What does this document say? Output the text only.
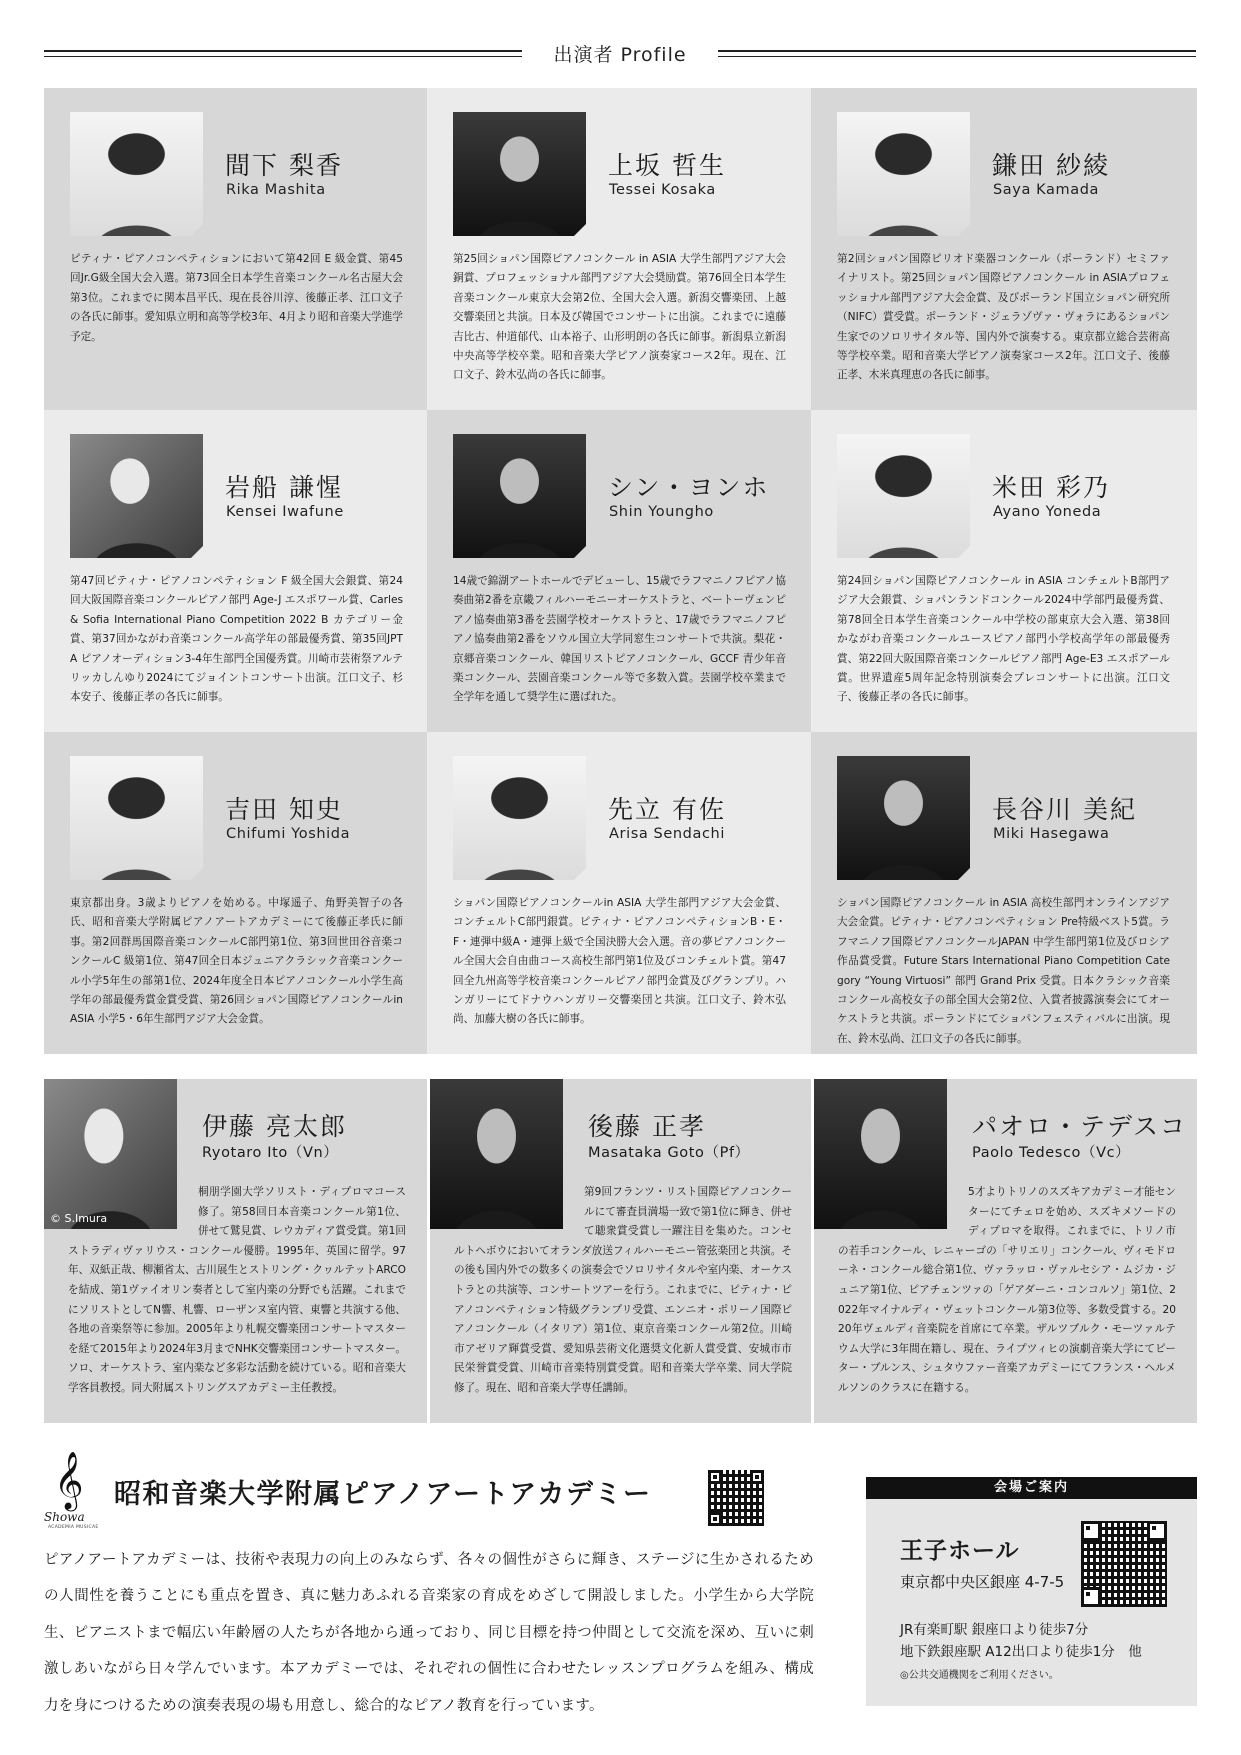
出演者 Profile
間下 梨香
Rika Mashita
ピティナ・ピアノコンペティションにおいて第42回 E 級金賞、第45回Jr.G級全国大会入選。第73回全日本学生音楽コンクール名古屋大会第3位。これまでに関本昌平氏、現在長谷川淳、後藤正孝、江口文子の各氏に師事。愛知県立明和高等学校3年、4月より昭和音楽大学進学予定。
上坂 哲生
Tessei Kosaka
第25回ショパン国際ピアノコンクール in ASIA 大学生部門アジア大会銅賞、プロフェッショナル部門アジア大会奨励賞。第76回全日本学生音楽コンクール東京大会第2位、全国大会入選。新潟交響楽団、上越交響楽団と共演。日本及び韓国でコンサートに出演。これまでに遠藤吉比古、仲道郁代、山本裕子、山形明朗の各氏に師事。新潟県立新潟中央高等学校卒業。昭和音楽大学ピアノ演奏家コース2年。現在、江口文子、鈴木弘尚の各氏に師事。
鎌田 紗綾
Saya Kamada
第2回ショパン国際ピリオド楽器コンクール（ポーランド）セミファイナリスト。第25回ショパン国際ピアノコンクール in ASIAプロフェッショナル部門アジア大会金賞、及びポーランド国立ショパン研究所（NIFC）賞受賞。ポーランド・ジェラゾヴァ・ヴォラにあるショパン生家でのソロリサイタル等、国内外で演奏する。東京都立総合芸術高等学校卒業。昭和音楽大学ピアノ演奏家コース2年。江口文子、後藤正孝、木米真理恵の各氏に師事。
岩船 謙惺
Kensei Iwafune
第47回ピティナ・ピアノコンペティション F 級全国大会銀賞、第24回大阪国際音楽コンクールピアノ部門 Age-J エスポワール賞、Carles & Sofia International Piano Competition 2022 B カテゴリー金賞、第37回かながわ音楽コンクール高学年の部最優秀賞、第35回JPTA ピアノオーディション3-4年生部門全国優秀賞。川崎市芸術祭アルテリッカしんゆり2024にてジョイントコンサート出演。江口文子、杉本安子、後藤正孝の各氏に師事。
シン・ヨンホ
Shin Youngho
14歳で錦湖アートホールでデビューし、15歳でラフマニノフピアノ協奏曲第2番を京畿フィルハーモニーオーケストラと、ベートーヴェンピアノ協奏曲第3番を芸園学校オーケストラと、17歳でラフマニノフピアノ協奏曲第2番をソウル国立大学同窓生コンサートで共演。梨花・京郷音楽コンクール、韓国リストピアノコンクール、GCCF 青少年音楽コンクール、芸園音楽コンクール等で多数入賞。芸園学校卒業まで全学年を通して奨学生に選ばれた。
米田 彩乃
Ayano Yoneda
第24回ショパン国際ピアノコンクール in ASIA コンチェルトB部門アジア大会銀賞、ショパンランドコンクール2024中学部門最優秀賞、第78回全日本学生音楽コンクール中学校の部東京大会入選、第38回かながわ音楽コンクールユースピアノ部門小学校高学年の部最優秀賞、第22回大阪国際音楽コンクールピアノ部門 Age-E3 エスポアール賞。世界遺産5周年記念特別演奏会プレコンサートに出演。江口文子、後藤正孝の各氏に師事。
吉田 知史
Chifumi Yoshida
東京都出身。3歳よりピアノを始める。中塚遥子、角野美智子の各氏、昭和音楽大学附属ピアノアートアカデミーにて後藤正孝氏に師事。第2回群馬国際音楽コンクールC部門第1位、第3回世田谷音楽コンクールC 級第1位、第47回全日本ジュニアクラシック音楽コンクール小学5年生の部第1位、2024年度全日本ピアノコンクール小学生高学年の部最優秀賞金賞受賞、第26回ショパン国際ピアノコンクールin ASIA 小学5・6年生部門アジア大会金賞。
先立 有佐
Arisa Sendachi
ショパン国際ピアノコンクールin ASIA 大学生部門アジア大会金賞、コンチェルトC部門銀賞。ピティナ・ピアノコンペティションB・E・F・連弾中級A・連弾上級で全国決勝大会入選。音の夢ピアノコンクール全国大会自由曲コース高校生部門第1位及びコンチェルト賞。第47回全九州高等学校音楽コンクールピアノ部門金賞及びグランプリ。ハンガリーにてドナウハンガリー交響楽団と共演。江口文子、鈴木弘尚、加藤大樹の各氏に師事。
長谷川 美紀
Miki Hasegawa
ショパン国際ピアノコンクール in ASIA 高校生部門オンラインアジア大会金賞。ピティナ・ピアノコンペティション Pre特級ベスト5賞。ラフマニノフ国際ピアノコンクールJAPAN 中学生部門第1位及びロシア作品賞受賞。Future Stars International Piano Competition Category “Young Virtuosi” 部門 Grand Prix 受賞。日本クラシック音楽コンクール高校女子の部全国大会第2位、入賞者披露演奏会にてオーケストラと共演。ポーランドにてショパンフェスティバルに出演。現在、鈴木弘尚、江口文子の各氏に師事。
© S.Imura
伊藤 亮太郎
Ryotaro Ito（Vn）
桐朋学園大学ソリスト・ディプロマコース修了。第58回日本音楽コンクール第1位、併せて鷲見賞、レウカディア賞受賞。第1回ストラディヴァリウス・コンクール優勝。1995年、英国に留学。97年、双紙正哉、柳瀬省太、古川展生とストリング・クヮルテットARCOを結成、第1ヴァイオリン奏者として室内楽の分野でも活躍。これまでにソリストとしてN響、札響、ローザンヌ室内管、東響と共演する他、各地の音楽祭等に参加。2005年より札幌交響楽団コンサートマスターを経て2015年より2024年3月までNHK交響楽団コンサートマスター。ソロ、オーケストラ、室内楽など多彩な活動を続けている。昭和音楽大学客員教授。同大附属ストリングスアカデミー主任教授。
後藤 正孝
Masataka Goto（Pf）
第9回フランツ・リスト国際ピアノコンクールにて審査員満場一致で第1位に輝き、併せて聴衆賞受賞し一躍注目を集めた。コンセルトヘボウにおいてオランダ放送フィルハーモニー管弦楽団と共演。その後も国内外での数多くの演奏会でソロリサイタルや室内楽、オーケストラとの共演等、コンサートツアーを行う。これまでに、ピティナ・ピアノコンペティション特級グランプリ受賞、エンニオ・ポリーノ国際ピアノコンクール（イタリア）第1位、東京音楽コンクール第2位。川崎市アゼリア輝賞受賞、愛知県芸術文化選奨文化新人賞受賞、安城市市民栄誉賞受賞、川崎市音楽特別賞受賞。昭和音楽大学卒業、同大学院修了。現在、昭和音楽大学専任講師。
パオロ・テデスコ
Paolo Tedesco（Vc）
5才よりトリノのスズキアカデミー才能センターにてチェロを始め、スズキメソードのディプロマを取得。これまでに、トリノ市の若手コンクール、レニャーゴの「サリエリ」コンクール、ヴィモドローネ・コンクール総合第1位、ヴァラッロ・ヴァルセシア・ムジカ・ジュニア第1位、ピアチェンツァの「ゲアダーニ・コンコルソ」第1位、2022年マイナルディ・ヴェットコンクール第3位等、多数受賞する。2020年ヴェルディ音楽院を首席にて卒業。ザルツブルク・モーツァルテウム大学に3年間在籍し、現在、ライプツィヒの演劇音楽大学にてピーター・ブルンス、シュタウファー音楽アカデミーにてフランス・ヘルメルソンのクラスに在籍する。
𝄞
Showa
ACADEMIA MUSICAE
昭和音楽大学附属ピアノアートアカデミー
ピアノアートアカデミーは、技術や表現力の向上のみならず、各々の個性がさらに輝き、ステージに生かされるための人間性を養うことにも重点を置き、真に魅力あふれる音楽家の育成をめざして開設しました。小学生から大学院生、ピアニストまで幅広い年齢層の人たちが各地から通っており、同じ目標を持つ仲間として交流を深め、互いに刺激しあいながら日々学んでいます。本アカデミーでは、それぞれの個性に合わせたレッスンプログラムを組み、構成力を身につけるための演奏表現の場も用意し、総合的なピアノ教育を行っています。
会場ご案内
王子ホール
東京都中央区銀座 4-7-5
JR有楽町駅 銀座口より徒歩7分
地下鉄銀座駅 A12出口より徒歩1分　他
◎公共交通機関をご利用ください。
